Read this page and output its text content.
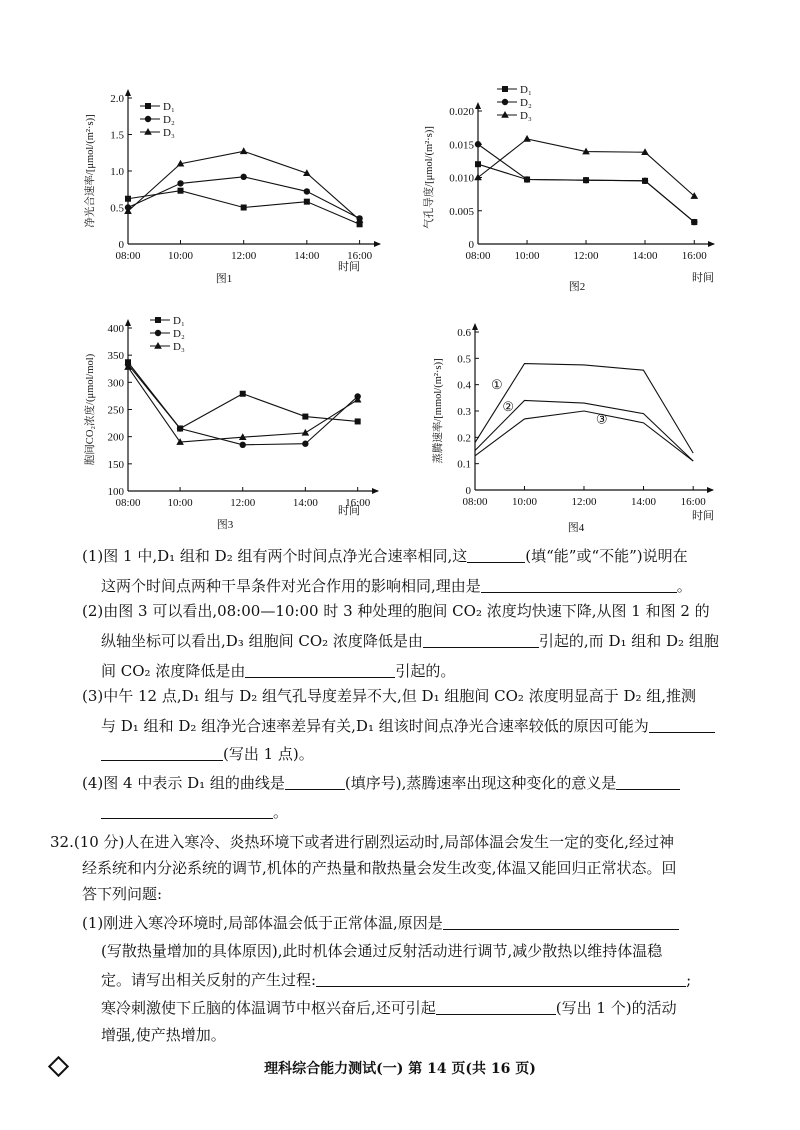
0
0.5
1.0
1.5
2.0
08:00 10:00	12:00	14:00	16:00
净光合速率/[μmol/(m²·s)]
时间
图1
D₁
D₂
D₃
0
0.005
0.010
0.015
0.020
08:00 10:00	12:00	14:00 16:00
气孔导度/[μmol/(m²·s)]
时间
图2
D₁
D₂
D₃
100
150
200
250
300
350
400
08:00 10:00	12:00	14:00 16:00
胞间CO₂浓度/(μmol/mol)
时间
图3
D₁
D₂
D₃
0
0.1
0.2
0.3
0.4
0.5
0.6
08:00 10:00	12:00	14:00 16:00
蒸腾速率/[mmol/(m²·s)]
时间
图4
①
②
③
(1)图 1 中,D₁ 组和 D₂ 组有两个时间点净光合速率相同,这	(填“能”或“不能”)说明在
这两个时间点两种干旱条件对光合作用的影响相同,理由是	。
(2)由图 3 可以看出,08:00—10:00 时 3 种处理的胞间 CO₂ 浓度均快速下降,从图 1 和图 2 的
纵轴坐标可以看出,D₃ 组胞间 CO₂ 浓度降低是由	引起的,而 D₁ 组和 D₂ 组胞
间 CO₂ 浓度降低是由	引起的。
(3)中午 12 点,D₁ 组与 D₂ 组气孔导度差异不大,但 D₁ 组胞间 CO₂ 浓度明显高于 D₂ 组,推测
与 D₁ 组和 D₂ 组净光合速率差异有关,D₁ 组该时间点净光合速率较低的原因可能为
(写出 1 点)。
(4)图 4 中表示 D₁ 组的曲线是	(填序号),蒸腾速率出现这种变化的意义是
。
32.(10 分)人在进入寒冷、炎热环境下或者进行剧烈运动时,局部体温会发生一定的变化,经过神
经系统和内分泌系统的调节,机体的产热量和散热量会发生改变,体温又能回归正常状态。回
答下列问题:
(1)刚进入寒冷环境时,局部体温会低于正常体温,原因是
(写散热量增加的具体原因),此时机体会通过反射活动进行调节,减少散热以维持体温稳
定。请写出相关反射的产生过程:	;
寒冷刺激使下丘脑的体温调节中枢兴奋后,还可引起	(写出 1 个)的活动
增强,使产热增加。
理科综合能力测试(一) 第 14 页(共 16 页)
